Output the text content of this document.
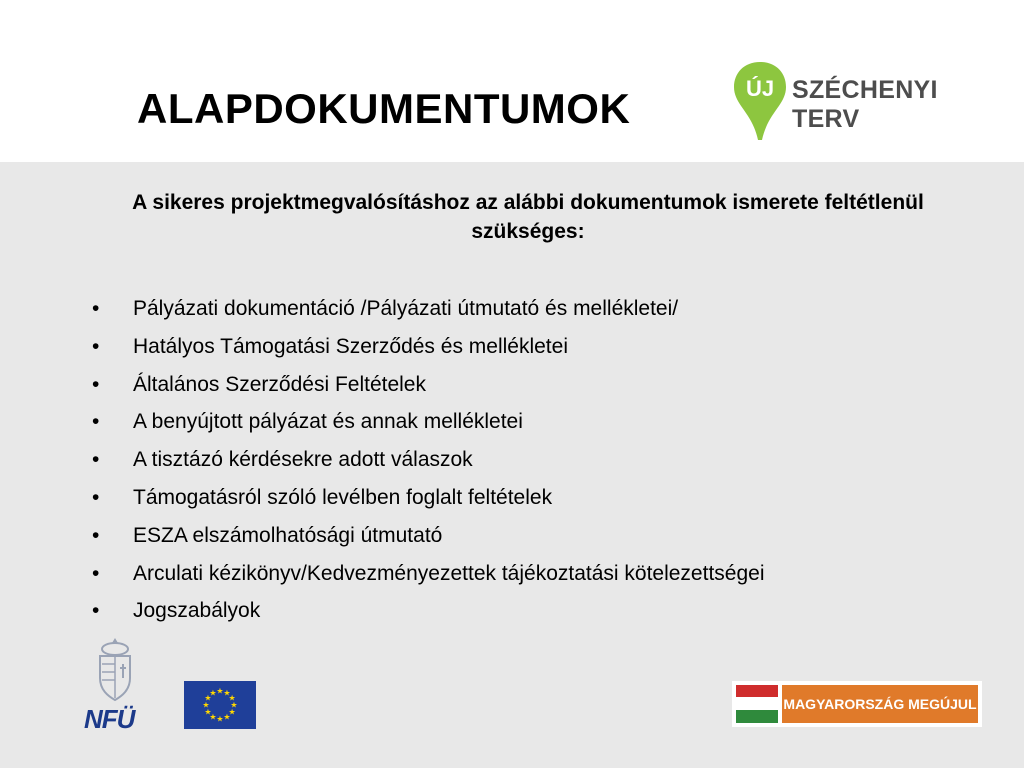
ALAPDOKUMENTUMOK	ÚJ SZÉCHENYI TERV
A sikeres projektmegvalósításhoz az alábbi dokumentumok ismerete feltétlenül szükséges:
• Pályázati dokumentáció /Pályázati útmutató és mellékletei/
• Hatályos Támogatási Szerződés és mellékletei
• Általános Szerződési Feltételek
• A benyújtott pályázat és annak mellékletei
• A tisztázó kérdésekre adott válaszok
• Támogatásról szóló levélben foglalt feltételek
• ESZA elszámolhatósági útmutató
• Arculati kézikönyv/Kedvezményezettek tájékoztatási kötelezettségei
• Jogszabályok
NFÜ
★ ★
★
★
★
★
★
★
★
★
★
★
MAGYARORSZÁG MEGÚJUL
